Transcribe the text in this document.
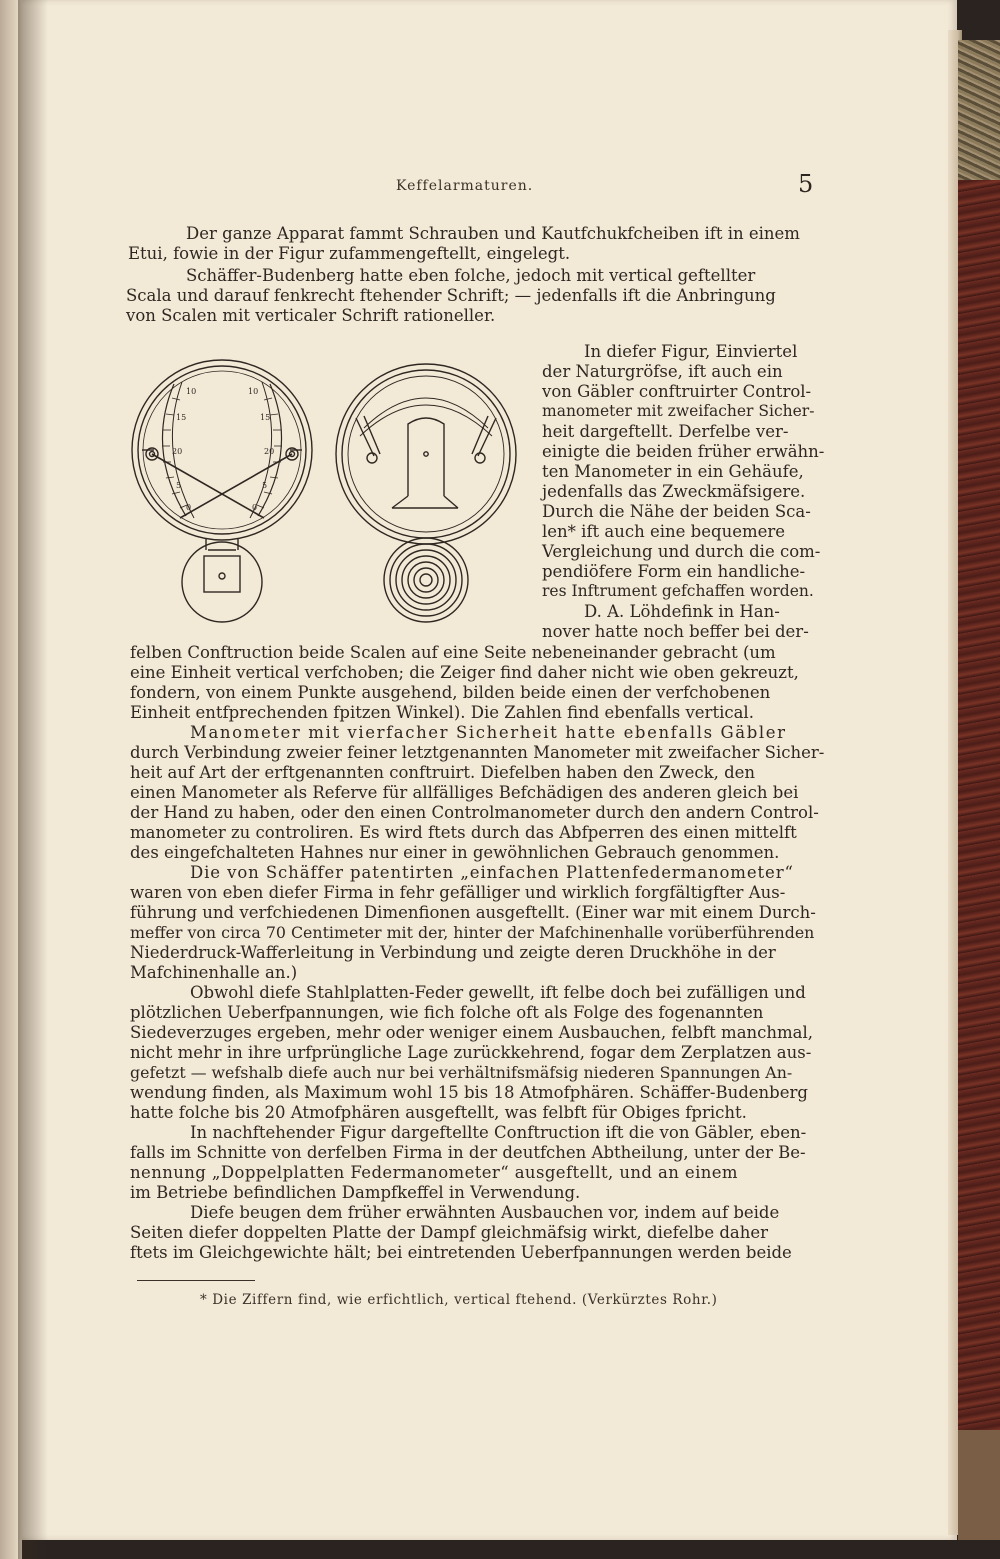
Keffelarmaturen.	5
10
15
20
5
0
10
15
20
5
0
Der ganze Apparat fammt Schrauben und Kautfchukfcheiben ift in einem
Etui, fowie in der Figur zufammengeftellt, eingelegt.
Schäffer-Budenberg hatte eben folche, jedoch mit vertical geftellter
Scala und darauf fenkrecht ftehender Schrift; — jedenfalls ift die Anbringung
von Scalen mit verticaler Schrift rationeller.
In diefer Figur, Einviertel
der Naturgröfse, ift auch ein
von Gäbler conftruirter Control-
manometer mit zweifacher Sicher-
heit dargeftellt. Derfelbe ver-
einigte die beiden früher erwähn-
ten Manometer in ein Gehäufe,
jedenfalls das Zweckmäfsigere.
Durch die Nähe der beiden Sca-
len* ift auch eine bequemere
Vergleichung und durch die com-
pendiöfere Form ein handliche-
res Inftrument gefchaffen worden.
D. A. Löhdefink in Han-
nover hatte noch beffer bei der-
felben Conftruction beide Scalen auf eine Seite nebeneinander gebracht (um
eine Einheit vertical verfchoben; die Zeiger find daher nicht wie oben gekreuzt,
fondern, von einem Punkte ausgehend, bilden beide einen der verfchobenen
Einheit entfprechenden fpitzen Winkel). Die Zahlen find ebenfalls vertical.
Manometer mit vierfacher Sicherheit hatte ebenfalls Gäbler
durch Verbindung zweier feiner letztgenannten Manometer mit zweifacher Sicher-
heit auf Art der erftgenannten conftruirt. Diefelben haben den Zweck, den
einen Manometer als Referve für allfälliges Befchädigen des anderen gleich bei
der Hand zu haben, oder den einen Controlmanometer durch den andern Control-
manometer zu controliren. Es wird ftets durch das Abfperren des einen mittelft
des eingefchalteten Hahnes nur einer in gewöhnlichen Gebrauch genommen.
Die von Schäffer patentirten „einfachen Plattenfedermanometer“
waren von eben diefer Firma in fehr gefälliger und wirklich forgfältigfter Aus-
führung und verfchiedenen Dimenfionen ausgeftellt. (Einer war mit einem Durch-
meffer von circa 70 Centimeter mit der, hinter der Mafchinenhalle vorüberführenden
Niederdruck-Wafferleitung in Verbindung und zeigte deren Druckhöhe in der
Mafchinenhalle an.)
Obwohl diefe Stahlplatten-Feder gewellt, ift felbe doch bei zufälligen und
plötzlichen Ueberfpannungen, wie fich folche oft als Folge des fogenannten
Siedeverzuges ergeben, mehr oder weniger einem Ausbauchen, felbft manchmal,
nicht mehr in ihre urfprüngliche Lage zurückkehrend, fogar dem Zerplatzen aus-
gefetzt — wefshalb diefe auch nur bei verhältnifsmäfsig niederen Spannungen An-
wendung finden, als Maximum wohl 15 bis 18 Atmofphären. Schäffer-Budenberg
hatte folche bis 20 Atmofphären ausgeftellt, was felbft für Obiges fpricht.
In nachftehender Figur dargeftellte Conftruction ift die von Gäbler, eben-
falls im Schnitte von derfelben Firma in der deutfchen Abtheilung, unter der Be-
nennung „Doppelplatten Federmanometer“ ausgeftellt, und an einem
im Betriebe befindlichen Dampfkeffel in Verwendung.
Diefe beugen dem früher erwähnten Ausbauchen vor, indem auf beide
Seiten diefer doppelten Platte der Dampf gleichmäfsig wirkt, diefelbe daher
ftets im Gleichgewichte hält; bei eintretenden Ueberfpannungen werden beide
* Die Ziffern find, wie erfichtlich, vertical ftehend. (Verkürztes Rohr.)
